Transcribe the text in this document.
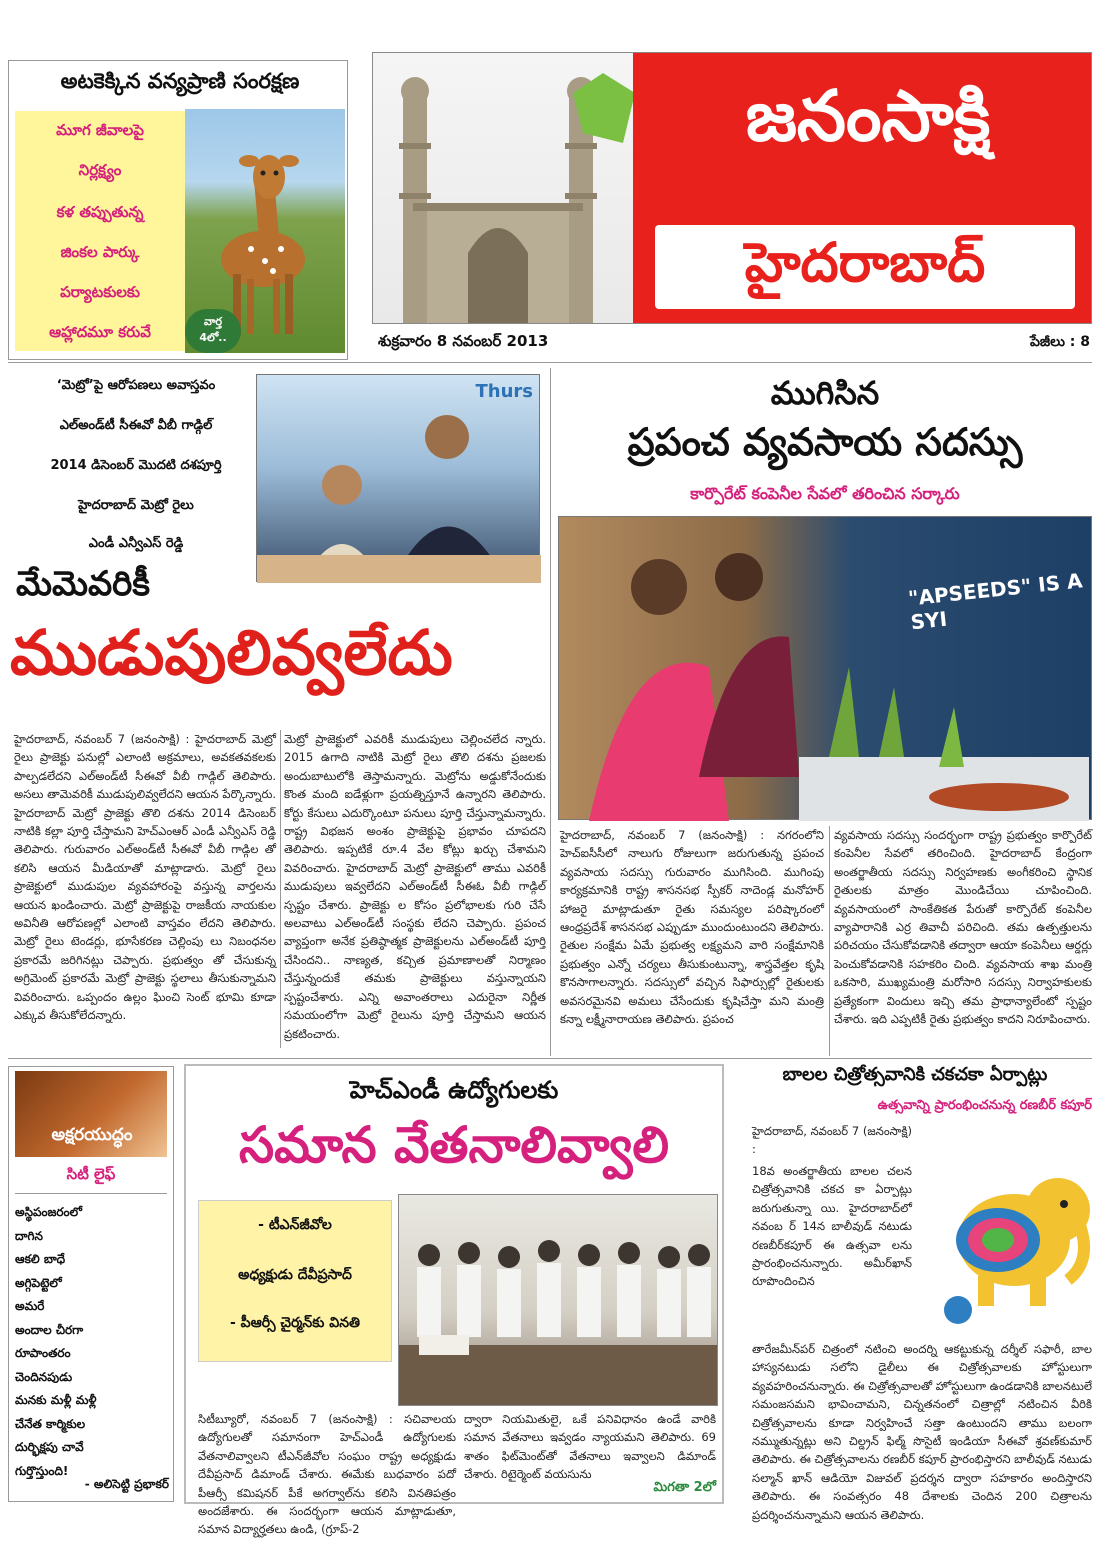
అటకెక్కిన వన్యప్రాణి సంరక్షణ
మూగ జీవాలపై
నిర్లక్ష్యం
కళ తప్పుతున్న
జింకల పార్కు
పర్యాటకులకు
ఆహ్లాదమూ కరువే
వార్త
4లో..
జనంసాక్షి
హైదరాబాద్
శుక్రవారం 8 నవంబర్ 2013	పేజీలు : 8
‘మెట్రో’పై ఆరోపణలు అవాస్తవం
ఎల్‌అండ్‌టీ సీఈవో వీబీ గాడ్గిల్
2014 డిసెంబర్ మొదటి దశపూర్తి
హైదరాబాద్ మెట్రో రైలు
ఎండీ ఎన్వీఎస్ రెడ్డి
Thurs
మేమెవరికీ
ముడుపులివ్వలేదు
హైదరాబాద్, నవంబర్ 7 (జనంసాక్షి) : హైదరాబాద్ మెట్రో రైలు ప్రాజెక్టు పనుల్లో ఎలాంటి అక్రమాలు, అవకతవకలకు పాల్పడలేదని ఎల్‌అండ్‌టీ సీఈవో వీబీ గాడ్గిల్ తెలిపారు. అసలు తామెవరికీ ముడుపులివ్వలేదని ఆయన పేర్కొన్నారు. హైదరాబాద్ మెట్రో ప్రాజెక్టు తొలి దశను 2014 డిసెంబర్ నాటికి కల్లా పూర్తి చేస్తామని హెచ్‌ఎంఆర్ ఎండీ ఎన్వీఎస్ రెడ్డి తెలిపారు. గురువారం ఎల్‌అండ్‌టీ సీఈవో వీబీ గాడ్గిల తో కలిసి ఆయన మీడియాతో మాట్లాడారు. మెట్రో రైలు ప్రాజెక్టులో ముడుపుల వ్యవహారంపై వస్తున్న వార్తలను ఆయన ఖండించారు. మెట్రో ప్రాజెక్టుపై రాజకీయ నాయకుల అవినీతి ఆరోపణల్లో ఎలాంటి వాస్తవం లేదని తెలిపారు. మెట్రో రైలు టెండర్లు, భూసేకరణ చెల్లింపు లు నిబంధనల ప్రకారమే జరిగినట్లు చెప్పారు. ప్రభుత్వం తో చేసుకున్న అగ్రిమెంట్ ప్రకారమే మెట్రో ప్రాజెక్టు స్థలాలు తీసుకున్నామని వివరించారు. ఒప్పందం ఉల్లం ఘించి సెంట్ భూమి కూడా ఎక్కువ తీసుకోలేదన్నారు.
మెట్రో ప్రాజెక్టులో ఎవరికీ ముడుపులు చెల్లించలేద న్నారు. 2015 ఉగాది నాటికి మెట్రో రైలు తొలి దశను ప్రజలకు అందుబాటులోకి తెస్తామన్నారు. మెట్రోను అడ్డుకోనేందుకు కొంత మంది ఐడేళ్లుగా ప్రయత్నిస్తూనే ఉన్నారని తెలిపారు. కోర్టు కేసులు ఎదుర్కొంటూ పనులు పూర్తి చేస్తున్నామన్నారు. రాష్ట్ర విభజన అంశం ప్రాజెక్టుపై ప్రభావం చూపదని తెలిపారు. ఇప్పటికే రూ.4 వేల కోట్లు ఖర్చు చేశామని వివరించారు. హైదరాబాద్ మెట్రో ప్రాజెక్టులో తాము ఎవరికీ ముడుపులు ఇవ్వలేదని ఎల్‌అండ్‌టీ సీఈఓ వీబీ గాడ్గిల్ స్పష్టం చేశారు. ప్రాజెక్టు ల కోసం ప్రలోభాలకు గురి చేసే అలవాటు ఎల్‌అండ్‌టీ సంస్థకు లేదని చెప్పారు. ప్రపంచ వ్యాప్తంగా అనేక ప్రతిష్ఠాత్మక ప్రాజెక్టులను ఎల్‌అండ్‌టీ పూర్తి చేసిందని.. నాణ్యత, కచ్చిత ప్రమాణాలతో నిర్మాణం చేస్తున్నందుకే తమకు ప్రాజెక్టులు వస్తున్నాయని స్పష్టంచేశారు. ఎన్ని అవాంతరాలు ఎదురైనా నిర్ణీత సమయంలోగా మెట్రో రైలును పూర్తి చేస్తామని ఆయన ప్రకటించారు.
ముగిసిన
ప్రపంచ వ్యవసాయ సదస్సు
కార్పొరేట్ కంపెనీల సేవలో తరించిన సర్కారు
"APSEEDS" IS A SYI
హైదరాబాద్, నవంబర్ 7 (జనంసాక్షి) : నగరంలోని హెచ్‌ఐసీసీలో నాలుగు రోజులుగా జరుగుతున్న ప్రపంచ వ్యవసాయ సదస్సు గురువారం ముగిసింది. ముగింపు కార్యక్రమానికి రాష్ట్ర శాసనసభ స్పీకర్ నాదెండ్ల మనోహర్ హాజరై మాట్లాడుతూ రైతు సమస్యల పరిష్కారంలో ఆంధ్రప్రదేశ్ శాసనసభ ఎప్పుడూ ముందుంటుందని తెలిపారు. రైతుల సంక్షేమ ఏమే ప్రభుత్వ లక్ష్యమని వారి సంక్షేమానికి ప్రభుత్వం ఎన్నో చర్యలు తీసుకుంటున్నా, శాస్త్రవేత్తల కృషి కొనసాగాలన్నారు. సదస్సులో వచ్చిన సిఫార్సుల్లో రైతులకు అవసరమైనవి అమలు చేసేందుకు కృషిచేస్తా మని మంత్రి కన్నా లక్ష్మీనారాయణ తెలిపారు. ప్రపంచ
వ్యవసాయ సదస్సు సందర్భంగా రాష్ట్ర ప్రభుత్వం కార్పొరేట్ కంపెనీల సేవలో తరించింది. హైదరాబాద్ కేంద్రంగా అంతర్జాతీయ సదస్సు నిర్వహణకు అంగీకరించి స్థానిక రైతులకు మాత్రం మొండిచేయి చూపించింది. వ్యవసాయంలో సాంకేతికత పేరుతో కార్పొరేట్ కంపెనీల వ్యాపారానికి ఎర్ర తివాచీ పరిచింది. తమ ఉత్పత్తులను పరిచయం చేసుకోవడానికి తద్వారా ఆయా కంపెనీలు ఆర్డర్లు పెంచుకోవడానికి సహకరిం చింది. వ్యవసాయ శాఖ మంత్రి ఒకసారి, ముఖ్యమంత్రి మరోసారి సదస్సు నిర్వాహకులకు ప్రత్యేకంగా విందులు ఇచ్చి తమ ప్రాధాన్యాలేంటో స్పష్టం చేశారు. ఇది ఎప్పటికీ రైతు ప్రభుత్వం కాదని నిరూపించారు.
అక్షరయుద్ధం
సిటీ లైఫ్
అస్థిపంజరంలో
దాగిన
ఆకలి బాధే
అగ్గిపెట్టెలో
అమరే
అందాల చీరగా
రూపాంతరం
చెందినపుడు
మనకు మళ్లీ మళ్లీ
చేనేత కార్మికుల
దుర్భిక్షపు చావే
గుర్తొస్తుంది!
- అలిసెట్టి ప్రభాకర్
హెచ్‌ఎండీ ఉద్యోగులకు
సమాన వేతనాలివ్వాలి
- టీఎన్‌జీవోల
అధ్యక్షుడు దేవీప్రసాద్
- పీఆర్సీ చైర్మన్‌కు వినతి
సిటీబ్యూరో, నవంబర్ 7 (జనంసాక్షి) : సచివాలయ ఉద్యోగులతో సమానంగా హెచ్‌ఎండీ ఉద్యోగులకు వేతనాలివ్వాలని టీఎన్‌జీవోల సంఘం రాష్ట్ర అధ్యక్షుడు దేవీప్రసాద్ డిమాండ్ చేశారు. ఈమేకు బుధవారం పదో పీఆర్సీ కమిషనర్ పీకే అగర్వాల్‌ను కలిసి వినతిపత్రం అందజేశారు. ఈ సందర్భంగా ఆయన మాట్లాడుతూ, సమాన విద్యార్హతలు ఉండి, (గ్రూప్-2
ద్వారా నియమితులై, ఒకే పనివిధానం ఉండే వారికి సమాన వేతనాలు ఇవ్వడం న్యాయమని తెలిపారు. 69 శాతం ఫిట్‌మెంట్‌తో వేతనాలు ఇవ్వాలని డిమాండ్ చేశారు. రిటైర్మెంట్ వయసును
మిగతా 2లో
బాలల చిత్రోత్సవానికి చకచకా ఏర్పాట్లు
ఉత్సవాన్ని ప్రారంభించనున్న రణబీర్ కపూర్
హైదరాబాద్, నవంబర్ 7 (జనంసాక్షి) :
18వ అంతర్జాతీయ బాలల చలన చిత్రోత్సవానికి చకచ కా ఏర్పాట్లు జరుగుతున్నా యి. హైదరాబాద్‌లో నవంబ ర్ 14న బాలీవుడ్ నటుడు రణబీర్‌కపూర్ ఈ ఉత్సవా లను ప్రారంభించనున్నారు. అమీర్‌ఖాన్ రూపొందించిన
తారేజమీన్‌పర్ చిత్రంలో నటించి అందర్ని ఆకట్టుకున్న దర్శీల్ సఫారీ, బాల హాస్యనటుడు సలోని డైలీలు ఈ చిత్రోత్సవాలకు హోస్టులుగా వ్యవహరించనున్నారు. ఈ చిత్రోత్సవాలతో హోస్టులుగా ఉండడానికి బాలనటులే సమంజసమని భావించామని, చిన్నతనంలో చిత్రాల్లో నటించిన వీరికి చిత్రోత్సవాలను కూడా నిర్వహించే సత్తా ఉంటుందని తాము బలంగా నమ్ముతున్నట్లు అని చిల్డ్రన్ ఫిల్మ్ సొసైటీ ఇండియా సీఈవో శ్రవణ్‌కుమార్ తెలిపారు. ఈ చిత్రోత్సవాలను రణబీర్ కపూర్ ప్రారంభిస్తారని బాలీవుడ్ నటుడు సల్మాన్ ఖాన్ ఆడియో విజువల్ ప్రదర్శన ద్వారా సహకారం అందిస్తారని తెలిపారు. ఈ సంవత్సరం 48 దేశాలకు చెందిన 200 చిత్రాలను ప్రదర్శించనున్నామని ఆయన తెలిపారు.
